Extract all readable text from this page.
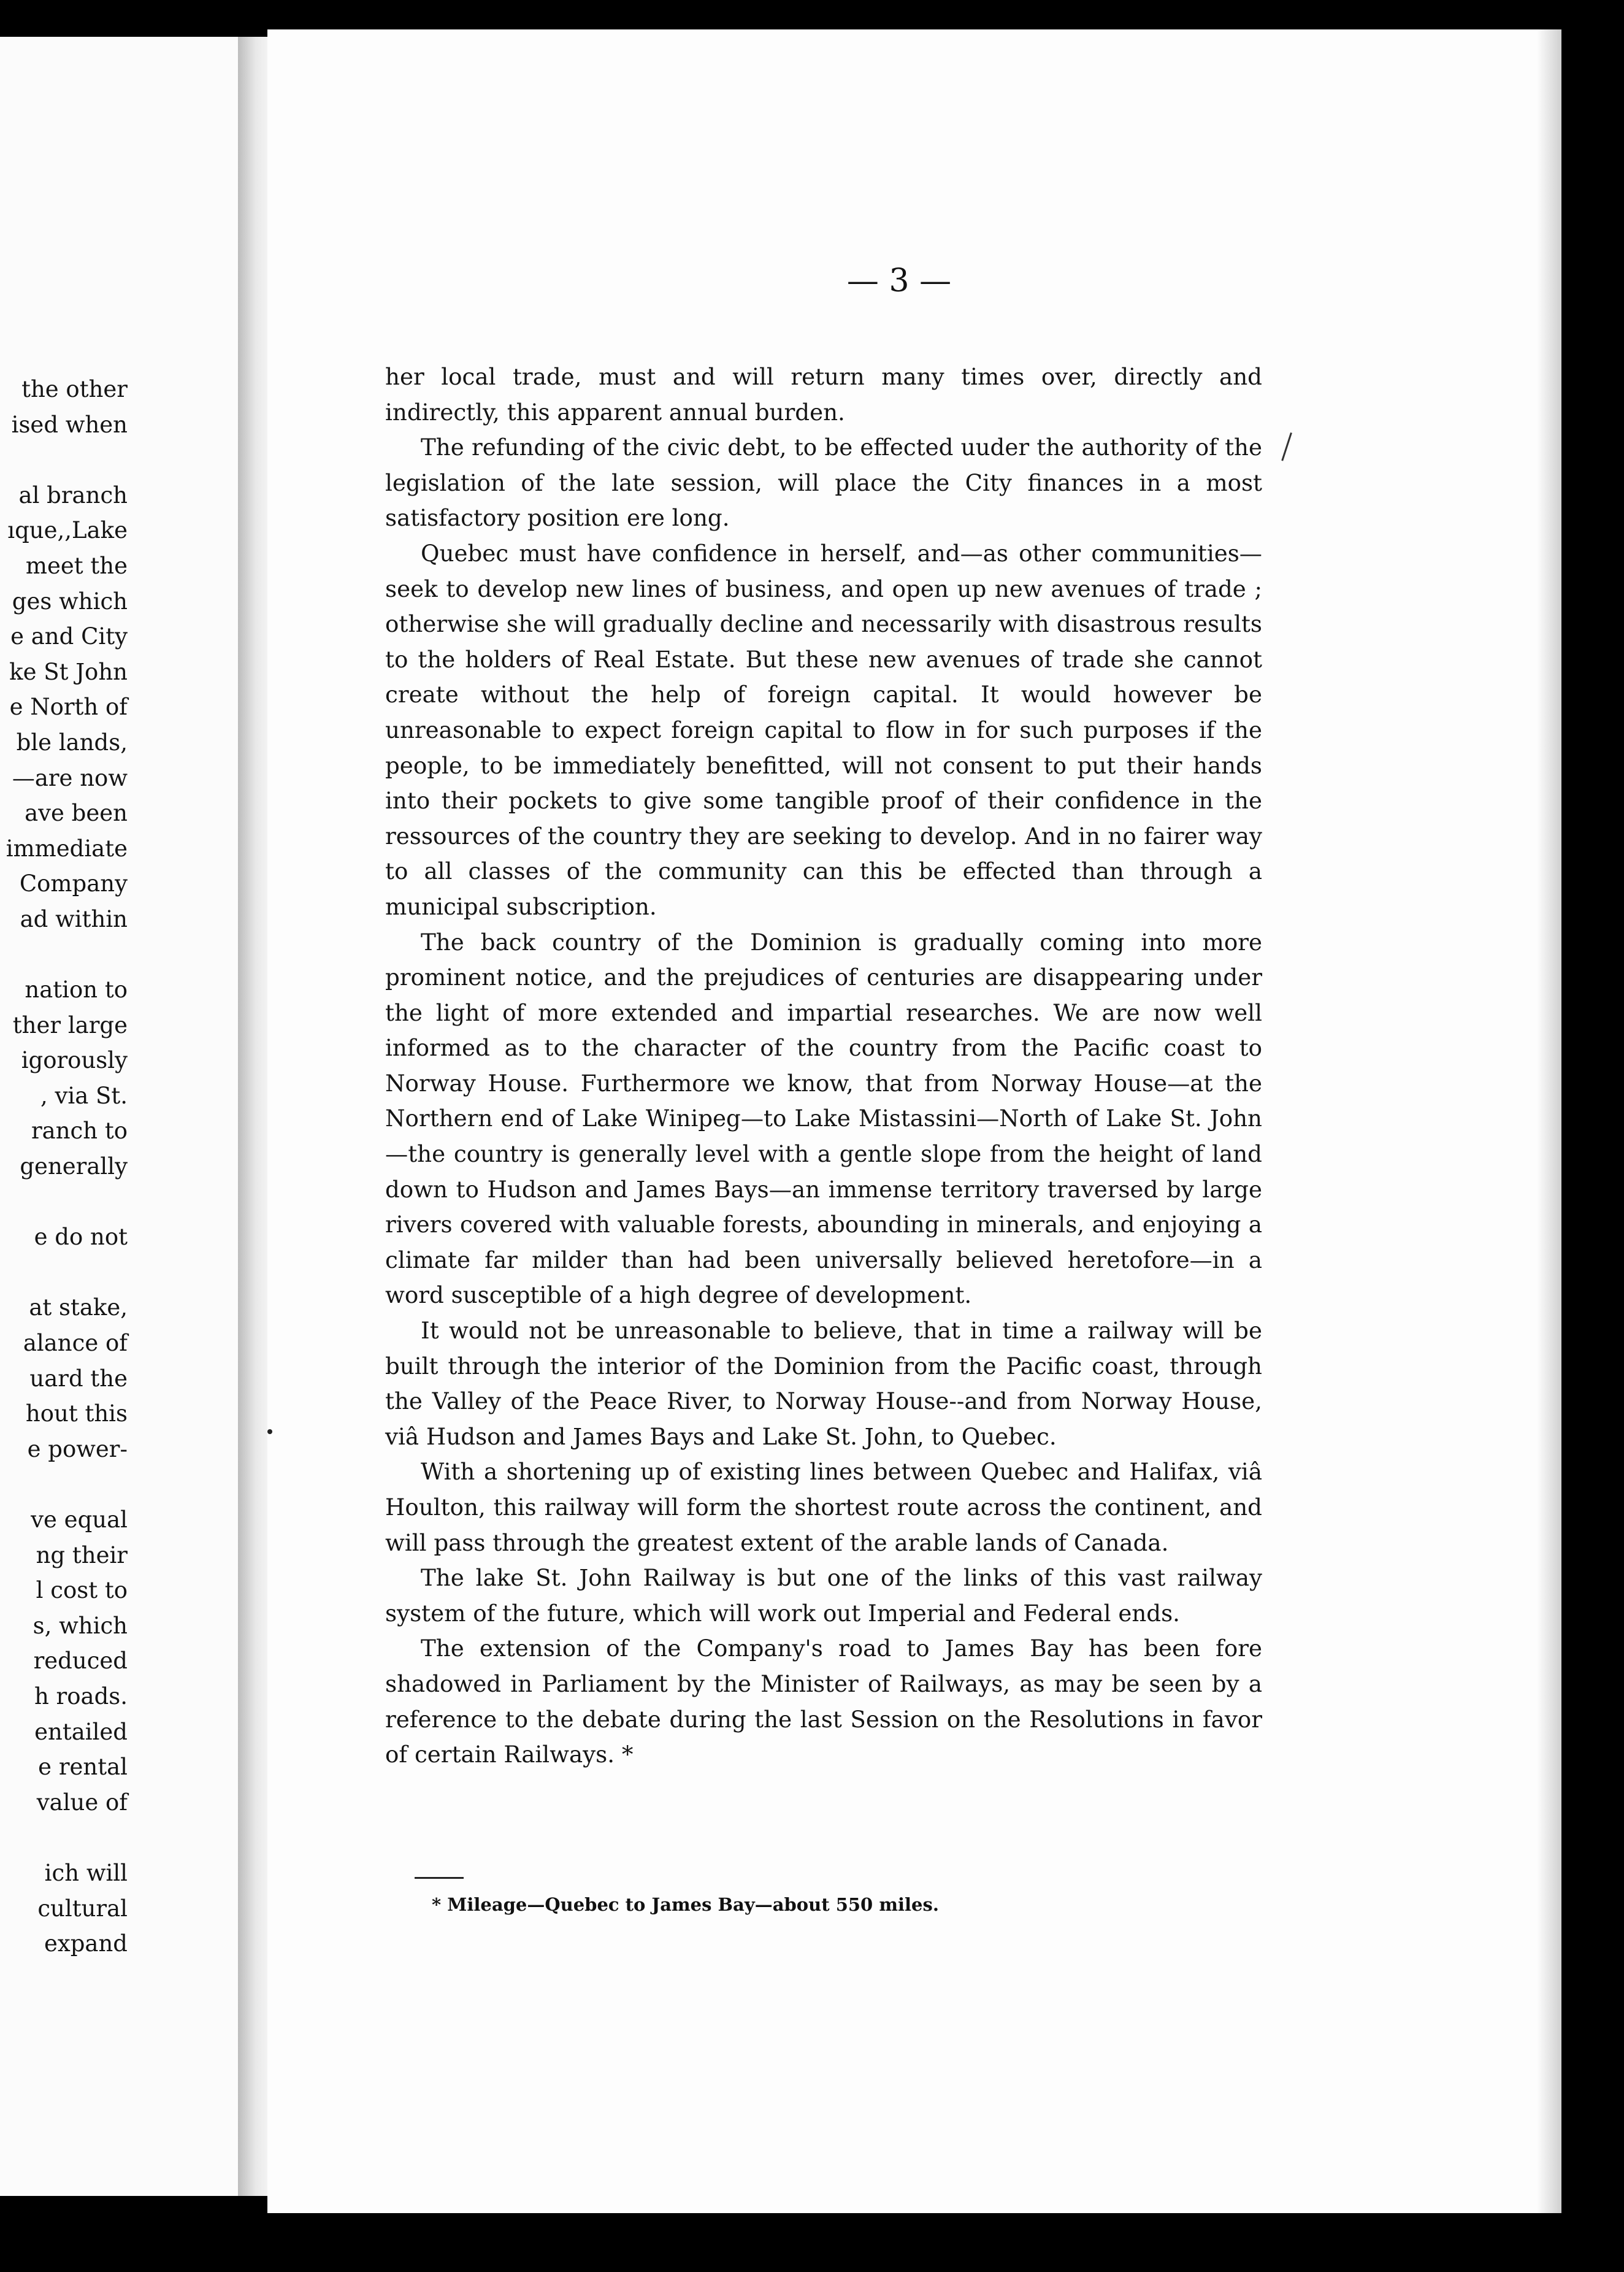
the other
ised when
al branch
ıque,,Lake
meet the
ges which
e and City
ke St John
e North of
ble lands,
—are now
ave been
immediate
Company
ad within
nation to
ther large
igorously
, via St.
ranch to
generally
e do not
at stake,
alance of
uard the
hout this
e power-
ve equal
ng their
l cost to
s, which
reduced
h roads.
entailed
e rental
value of
ich will
cultural
expand
— 3 —

her local trade, must and will return many times over, directly and indirectly, this apparent annual burden.

The refunding of the civic debt, to be effected uuder the authority of the legislation of the late session, will place the City finances in a most satisfactory position ere long.

Quebec must have confidence in herself, and—as other communities—seek to develop new lines of business, and open up new avenues of trade ; otherwise she will gradually decline and necessarily with disastrous results to the holders of Real Estate. But these new avenues of trade she cannot create without the help of foreign capital. It would however be unreasonable to expect foreign capital to flow in for such purposes if the people, to be immediately benefitted, will not consent to put their hands into their pockets to give some tangible proof of their confidence in the ressources of the country they are seeking to develop. And in no fairer way to all classes of the community can this be effected than through a municipal subscription.

The back country of the Dominion is gradually coming into more prominent notice, and the prejudices of centuries are disappearing under the light of more extended and impartial researches. We are now well informed as to the character of the country from the Pacific coast to Norway House. Furthermore we know, that from Norway House—at the Northern end of Lake Winipeg—to Lake Mistassini—North of Lake St. John—the country is generally level with a gentle slope from the height of land down to Hudson and James Bays—an immense territory traversed by large rivers covered with valuable forests, abounding in minerals, and enjoying a climate far milder than had been universally believed heretofore—in a word susceptible of a high degree of development.

It would not be unreasonable to believe, that in time a railway will be built through the interior of the Dominion from the Pacific coast, through the Valley of the Peace River, to Norway House--and from Norway House, viâ Hudson and James Bays and Lake St. John, to Quebec.

With a shortening up of existing lines between Quebec and Halifax, viâ Houlton, this railway will form the shortest route across the continent, and will pass through the greatest extent of the arable lands of Canada.

The lake St. John Railway is but one of the links of this vast railway system of the future, which will work out Imperial and Federal ends.

The extension of the Company's road to James Bay has been fore shadowed in Parliament by the Minister of Railways, as may be seen by a reference to the debate during the last Session on the Resolutions in favor of certain Railways. *

* Mileage—Quebec to James Bay—about 550 miles.
